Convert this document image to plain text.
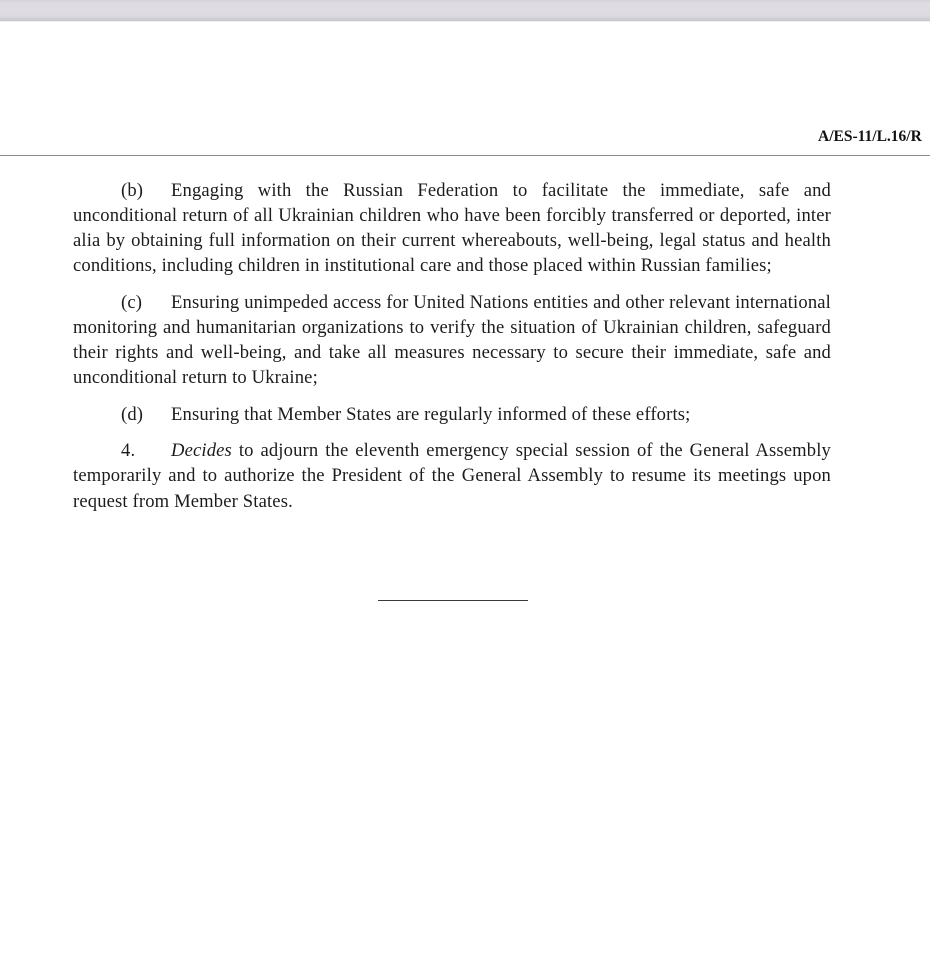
A/ES-11/L.16/R

(b) Engaging with the Russian Federation to facilitate the immediate, safe and unconditional return of all Ukrainian children who have been forcibly transferred or deported, inter alia by obtaining full information on their current whereabouts, well-being, legal status and health conditions, including children in institutional care and those placed within Russian families;

(c) Ensuring unimpeded access for United Nations entities and other relevant international monitoring and humanitarian organizations to verify the situation of Ukrainian children, safeguard their rights and well-being, and take all measures necessary to secure their immediate, safe and unconditional return to Ukraine;

(d) Ensuring that Member States are regularly informed of these efforts;

4. Decides to adjourn the eleventh emergency special session of the General Assembly temporarily and to authorize the President of the General Assembly to resume its meetings upon request from Member States.
